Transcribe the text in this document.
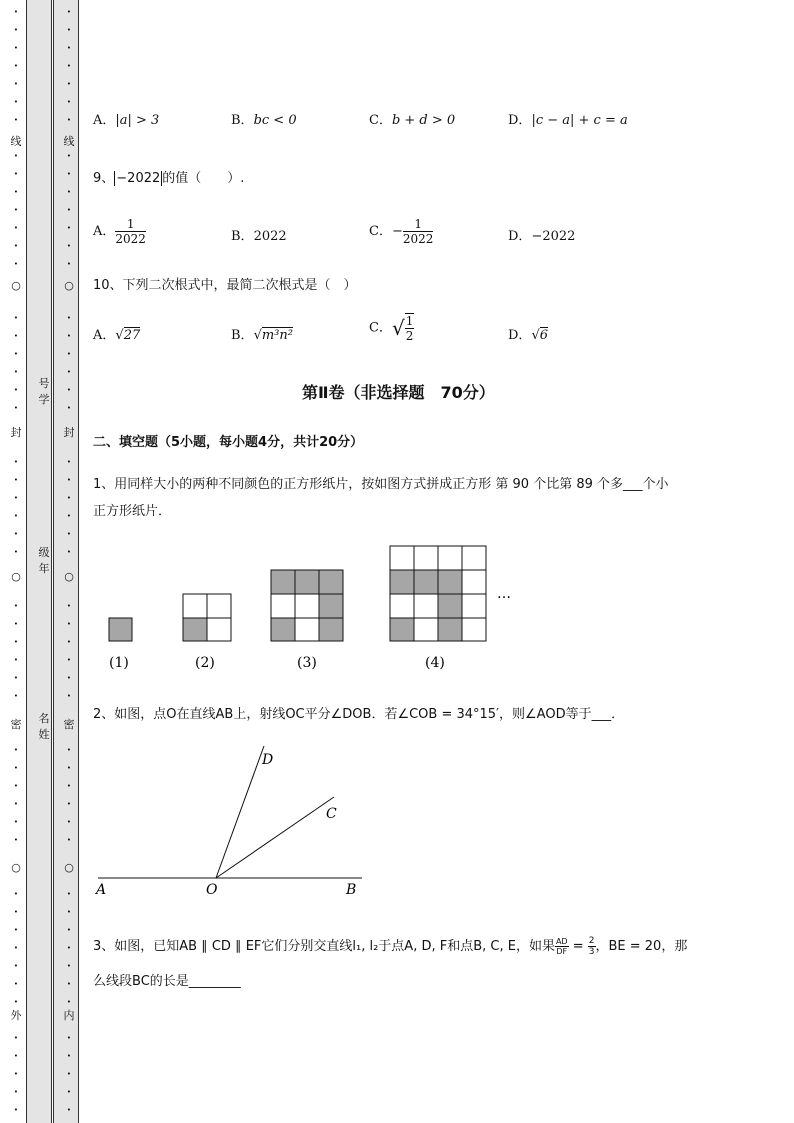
•
•
•
•
•
•
•
•
•
•
•
•
•
•
•
•
•
•
•
•
•
•
•
•
•
•
•
•
•
•
•
•
•
•
•
•
•
•
•
•
•
•
•
•
•
•
•
•
•
•
•
•
•
•
•
•
•
•
•
•
•
•
•
•
•
•
•
•
•
•
•
•
•
•
•
•
•
•
•
•
•
•
•
•
•
•
•
•
•
•
•
•
•
•
•
•
•
•
•
•
线
○
封
○
密
○
外
线
○
封
○
密
○
内
号
学
级
年
名
姓
A．|a| > 3	B．bc < 0	C．b + d > 0	D．|c − a| + c = a
9、 −2022 的值（　　）.
A． $\frac{1}{2022}$	B．2022	C．− $\frac{1}{2022}$	D．−2022
10、下列二次根式中，最简二次根式是（　）
A．√27	B．√m³n²	C．√ $\frac{1}{2}$	D．√6
第Ⅱ卷（非选择题　70分）
二、填空题（5小题，每小题4分，共计20分）
1、用同样大小的两种不同颜色的正方形纸片，按如图方式拼成正方形 第 90 个比第 89 个多___个小
正方形纸片．
…
(1)	(2)	(3)	(4)
2、如图，点O在直线AB上，射线OC平分∠DOB．若∠COB = 34°15′，则∠AOD等于___．
A	O	B
C
D
3、如图，已知AB ∥ CD ∥ EF它们分别交直线l₁, l₂于点A, D, F和点B, C, E，如果 $\frac{AD}{DF} = \frac{2}{3}$ ，BE = 20，那
么线段BC的长是________
